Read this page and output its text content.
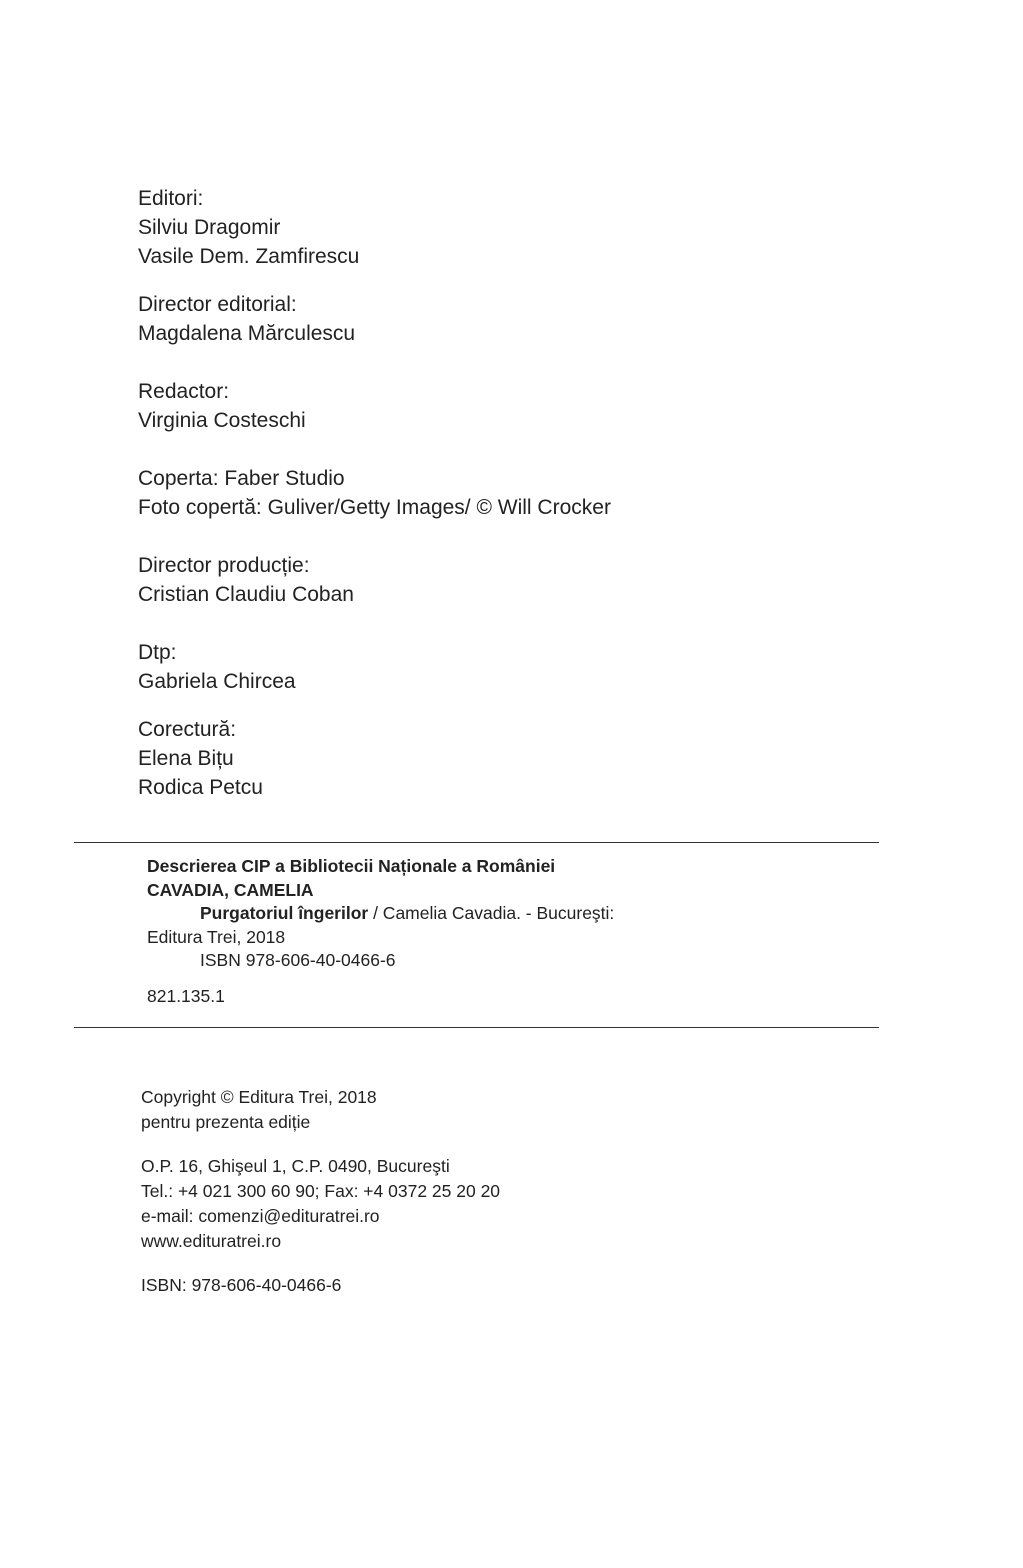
Editori:
Silviu Dragomir
Vasile Dem. Zamfirescu
Director editorial:
Magdalena Mărculescu
Redactor:
Virginia Costeschi
Coperta: Faber Studio
Foto copertă: Guliver/Getty Images/ © Will Crocker
Director producție:
Cristian Claudiu Coban
Dtp:
Gabriela Chircea
Corectură:
Elena Bițu
Rodica Petcu
Descrierea CIP a Bibliotecii Naționale a României
CAVADIA, CAMELIA
Purgatoriul îngerilor / Camelia Cavadia. - Bucureşti:
Editura Trei, 2018
ISBN 978-606-40-0466-6
821.135.1
Copyright © Editura Trei, 2018
pentru prezenta ediție
O.P. 16, Ghişeul 1, C.P. 0490, Bucureşti
Tel.: +4 021 300 60 90; Fax: +4 0372 25 20 20
e-mail: comenzi@edituratrei.ro
www.edituratrei.ro
ISBN: 978-606-40-0466-6
